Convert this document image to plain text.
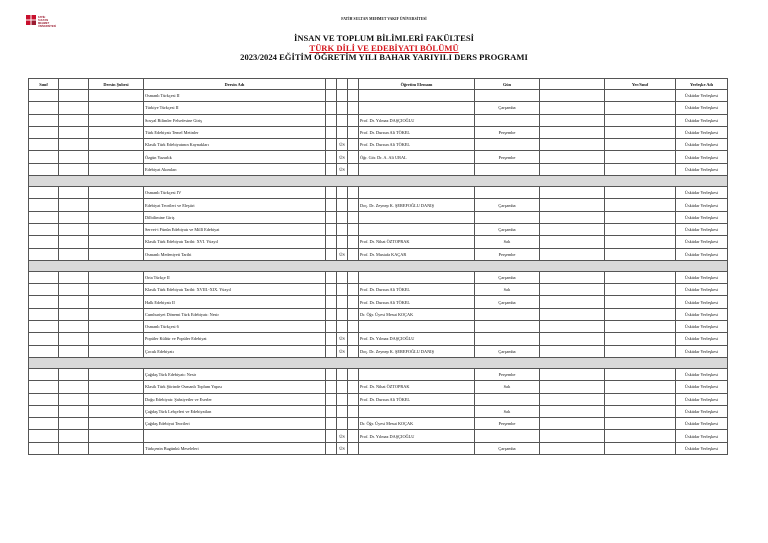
FATİH
SULTAN
MEHMET
ÜNİVERSİTESİ
FATİH SULTAN MEHMET VAKIF ÜNİVERSİTESİ
İNSAN VE TOPLUM BİLİMLERİ FAKÜLTESİ
TÜRK DİLİ VE EDEBİYATI BÖLÜMÜ
2023/2024 EĞİTİM ÖĞRETİM YILI BAHAR YARIYILI DERS PROGRAMI
Sınıf		Dersin Şubesi	Dersin Adı				Öğretim Elemanı	Gün		Yer/Sınıf	Yerleşke Adı
			Osmanlı Türkçesi II								Üsküdar Yerleşkesi
			Türkiye Türkçesi II					Çarşamba			Üsküdar Yerleşkesi
			Sosyal Bilimler Felsefesine Giriş				Prof. Dr. Yılmaz DAŞÇIOĞLU				Üsküdar Yerleşkesi
			Türk Edebiyatı Temel Metinler				Prof. Dr. Dursun Ali TÖKEL	Perşembe			Üsküdar Yerleşkesi
			Klasik Türk Edebiyatının Kaynakları		ÜS		Prof. Dr. Dursun Ali TÖKEL				Üsküdar Yerleşkesi
			Özgün Yazarlık		ÜS		Öğr. Gör. Dr. A. Ali URAL	Perşembe			Üsküdar Yerleşkesi
			Edebiyat Akımları		ÜS						Üsküdar Yerleşkesi

			Osmanlı Türkçesi IV								Üsküdar Yerleşkesi
			Edebiyat Teorileri ve Eleştiri				Doç. Dr. Zeynep K. ŞEREFOĞLU DANIŞ	Çarşamba			Üsküdar Yerleşkesi
			Dilbilimine Giriş								Üsküdar Yerleşkesi
			Servet-i Fünûn Edebiyatı ve Millî Edebiyat					Çarşamba			Üsküdar Yerleşkesi
			Klasik Türk Edebiyatı Tarihi: XVI. Yüzyıl				Prof. Dr. Nihat ÖZTOPRAK	Salı			Üsküdar Yerleşkesi
			Osmanlı Medeniyeti Tarihi		ÜS		Prof. Dr. Mustafa KAÇAR	Perşembe			Üsküdar Yerleşkesi

			Orta Türkçe II					Çarşamba			Üsküdar Yerleşkesi
			Klasik Türk Edebiyatı Tarihi: XVIII.-XIX. Yüzyıl				Prof. Dr. Dursun Ali TÖKEL	Salı			Üsküdar Yerleşkesi
			Halk Edebiyatı II				Prof. Dr. Dursun Ali TÖKEL	Çarşamba			Üsküdar Yerleşkesi
			Cumhuriyet Dönemi Türk Edebiyatı: Nesir				Dr. Öğr. Üyesi Mesut KOÇAK				Üsküdar Yerleşkesi
			Osmanlı Türkçesi 6								Üsküdar Yerleşkesi
			Popüler Kültür ve Popüler Edebiyat		ÜS		Prof. Dr. Yılmaz DAŞÇIOĞLU				Üsküdar Yerleşkesi
			Çocuk Edebiyatı		ÜS		Doç. Dr. Zeynep K. ŞEREFOĞLU DANIŞ	Çarşamba			Üsküdar Yerleşkesi

			Çağdaş Türk Edebiyatı: Nesir					Perşembe			Üsküdar Yerleşkesi
			Klasik Türk Şiirinde Osmanlı Toplum Yapısı				Prof. Dr. Nihat ÖZTOPRAK	Salı			Üsküdar Yerleşkesi
			Doğu Edebiyatı: Şahsiyetler ve Eserler				Prof. Dr. Dursun Ali TÖKEL				Üsküdar Yerleşkesi
			Çağdaş Türk Lehçeleri ve Edebiyatları					Salı			Üsküdar Yerleşkesi
			Çağdaş Edebiyat Teorileri				Dr. Öğr. Üyesi Mesut KOÇAK	Perşembe			Üsküdar Yerleşkesi
					ÜS		Prof. Dr. Yılmaz DAŞÇIOĞLU				Üsküdar Yerleşkesi
			Türkçenin Bugünkü Meseleleri		ÜS			Çarşamba			Üsküdar Yerleşkesi
